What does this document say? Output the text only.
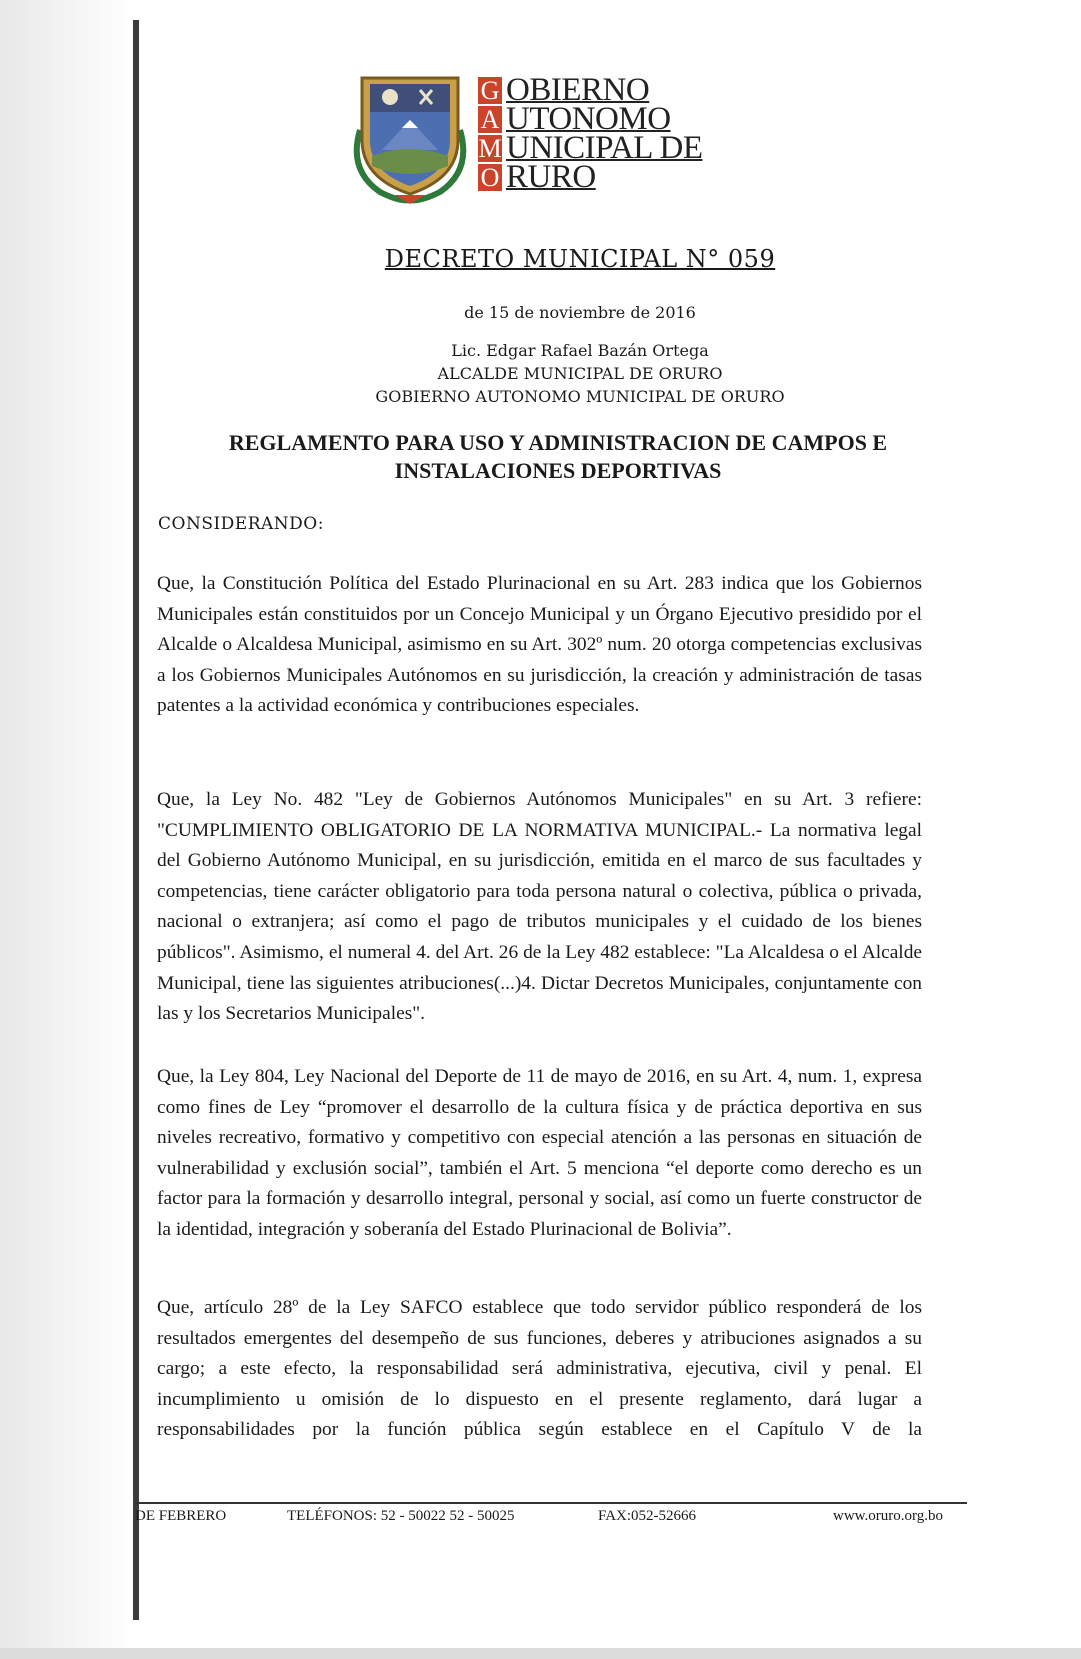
G OBIERNO
A UTONOMO
M UNICIPAL DE
O RURO
DECRETO MUNICIPAL N° 059
de 15 de noviembre de 2016
Lic. Edgar Rafael Bazán Ortega
ALCALDE MUNICIPAL DE ORURO
GOBIERNO AUTONOMO MUNICIPAL DE ORURO
REGLAMENTO PARA USO Y ADMINISTRACION DE CAMPOS E INSTALACIONES DEPORTIVAS
CONSIDERANDO:
Que, la Constitución Política del Estado Plurinacional en su Art. 283 indica que los Gobiernos Municipales están constituidos por un Concejo Municipal y un Órgano Ejecutivo presidido por el Alcalde o Alcaldesa Municipal, asimismo en su Art. 302º num. 20 otorga competencias exclusivas a los Gobiernos Municipales Autónomos en su jurisdicción, la creación y administración de tasas patentes a la actividad económica y contribuciones especiales.
Que, la Ley No. 482 "Ley de Gobiernos Autónomos Municipales" en su Art. 3 refiere: "CUMPLIMIENTO OBLIGATORIO DE LA NORMATIVA MUNICIPAL.- La normativa legal del Gobierno Autónomo Municipal, en su jurisdicción, emitida en el marco de sus facultades y competencias, tiene carácter obligatorio para toda persona natural o colectiva, pública o privada, nacional o extranjera; así como el pago de tributos municipales y el cuidado de los bienes públicos". Asimismo, el numeral 4. del Art. 26 de la Ley 482 establece: "La Alcaldesa o el Alcalde Municipal, tiene las siguientes atribuciones(...)4. Dictar Decretos Municipales, conjuntamente con las y los Secretarios Municipales".
Que, la Ley 804, Ley Nacional del Deporte de 11 de mayo de 2016, en su Art. 4, num. 1, expresa como fines de Ley “promover el desarrollo de la cultura física y de práctica deportiva en sus niveles recreativo, formativo y competitivo con especial atención a las personas en situación de vulnerabilidad y exclusión social”, también el Art. 5 menciona “el deporte como derecho es un factor para la formación y desarrollo integral, personal y social, así como un fuerte constructor de la identidad, integración y soberanía del Estado Plurinacional de Bolivia”.
Que, artículo 28º de la Ley SAFCO establece que todo servidor público responderá de los resultados emergentes del desempeño de sus funciones, deberes y atribuciones asignados a su cargo; a este efecto, la responsabilidad será administrativa, ejecutiva, civil y penal. El incumplimiento u omisión de lo dispuesto en el presente reglamento, dará lugar a responsabilidades por la función pública según establece en el Capítulo V de la
DE FEBRERO	TELÉFONOS: 52 - 50022 52 - 50025	FAX:052-52666	www.oruro.org.bo
